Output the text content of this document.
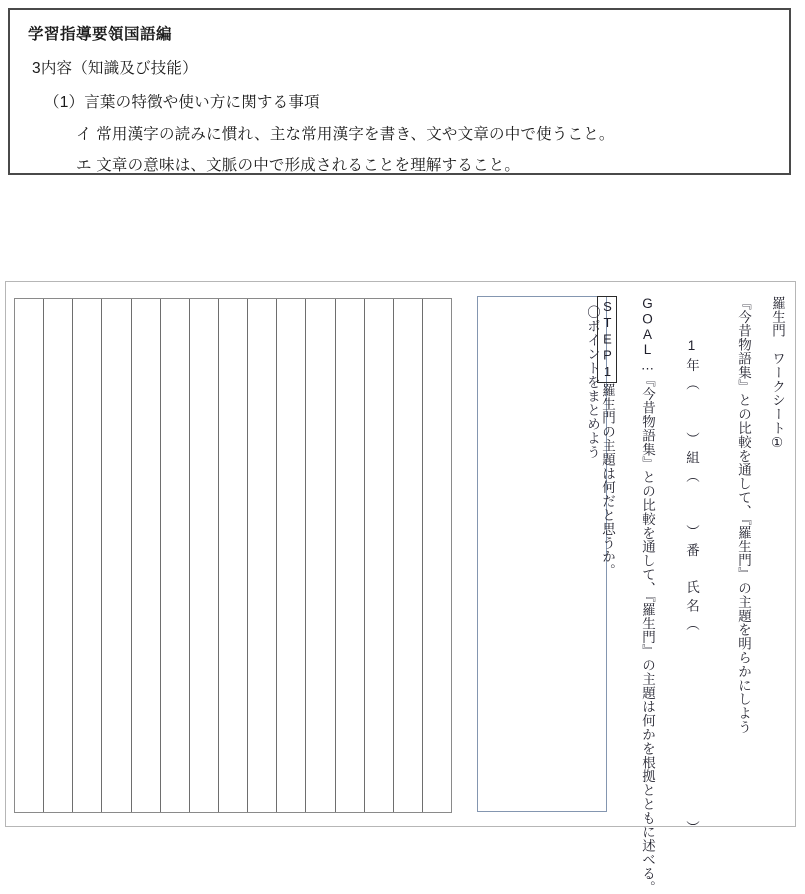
学習指導要領国語編
3内容（知識及び技能）
（1）言葉の特徴や使い方に関する事項
イ 常用漢字の読みに慣れ、主な常用漢字を書き、文や文章の中で使うこと。
エ 文章の意味は、文脈の中で形成されることを理解すること。
〇ポイントをまとめよう STEP1羅生門の主題は何だと思うか。 GOAL…『今昔物語集』との比較を通して、『羅生門』の主題は何かを根拠とともに述べる。 1年（　　）組（　　）番　氏名（　　　　　　　　　　）	『今昔物語集』との比較を通して、『羅生門』の主題を明らかにしよう 羅生門　ワークシート①
